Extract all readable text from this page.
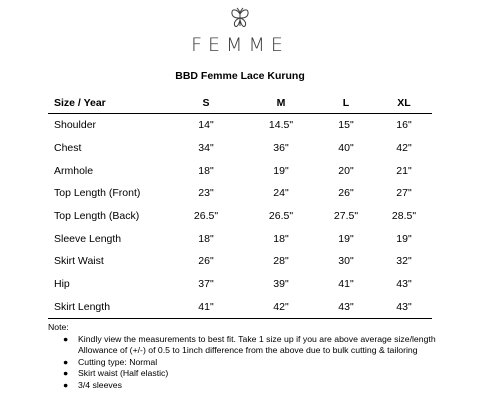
FEMME
BBD Femme Lace Kurung
Size / Year	S	M	L	XL
Shoulder	14"	14.5"	15"	16"
Chest	34"	36"	40"	42"
Armhole	18"	19"	20"	21"
Top Length (Front)	23"	24"	26"	27"
Top Length (Back)	26.5"	26.5"	27.5"	28.5"
Sleeve Length	18"	18"	19"	19"
Skirt Waist	26"	28"	30"	32"
Hip	37"	39"	41"	43"
Skirt Length	41"	42"	43"	43"
Note:
● Kindly view the measurements to best fit. Take 1 size up if you are above average size/length
Allowance of (+/-) of 0.5 to 1inch difference from the above due to bulk cutting & tailoring
● Cutting type: Normal
● Skirt waist (Half elastic)
● 3/4 sleeves
